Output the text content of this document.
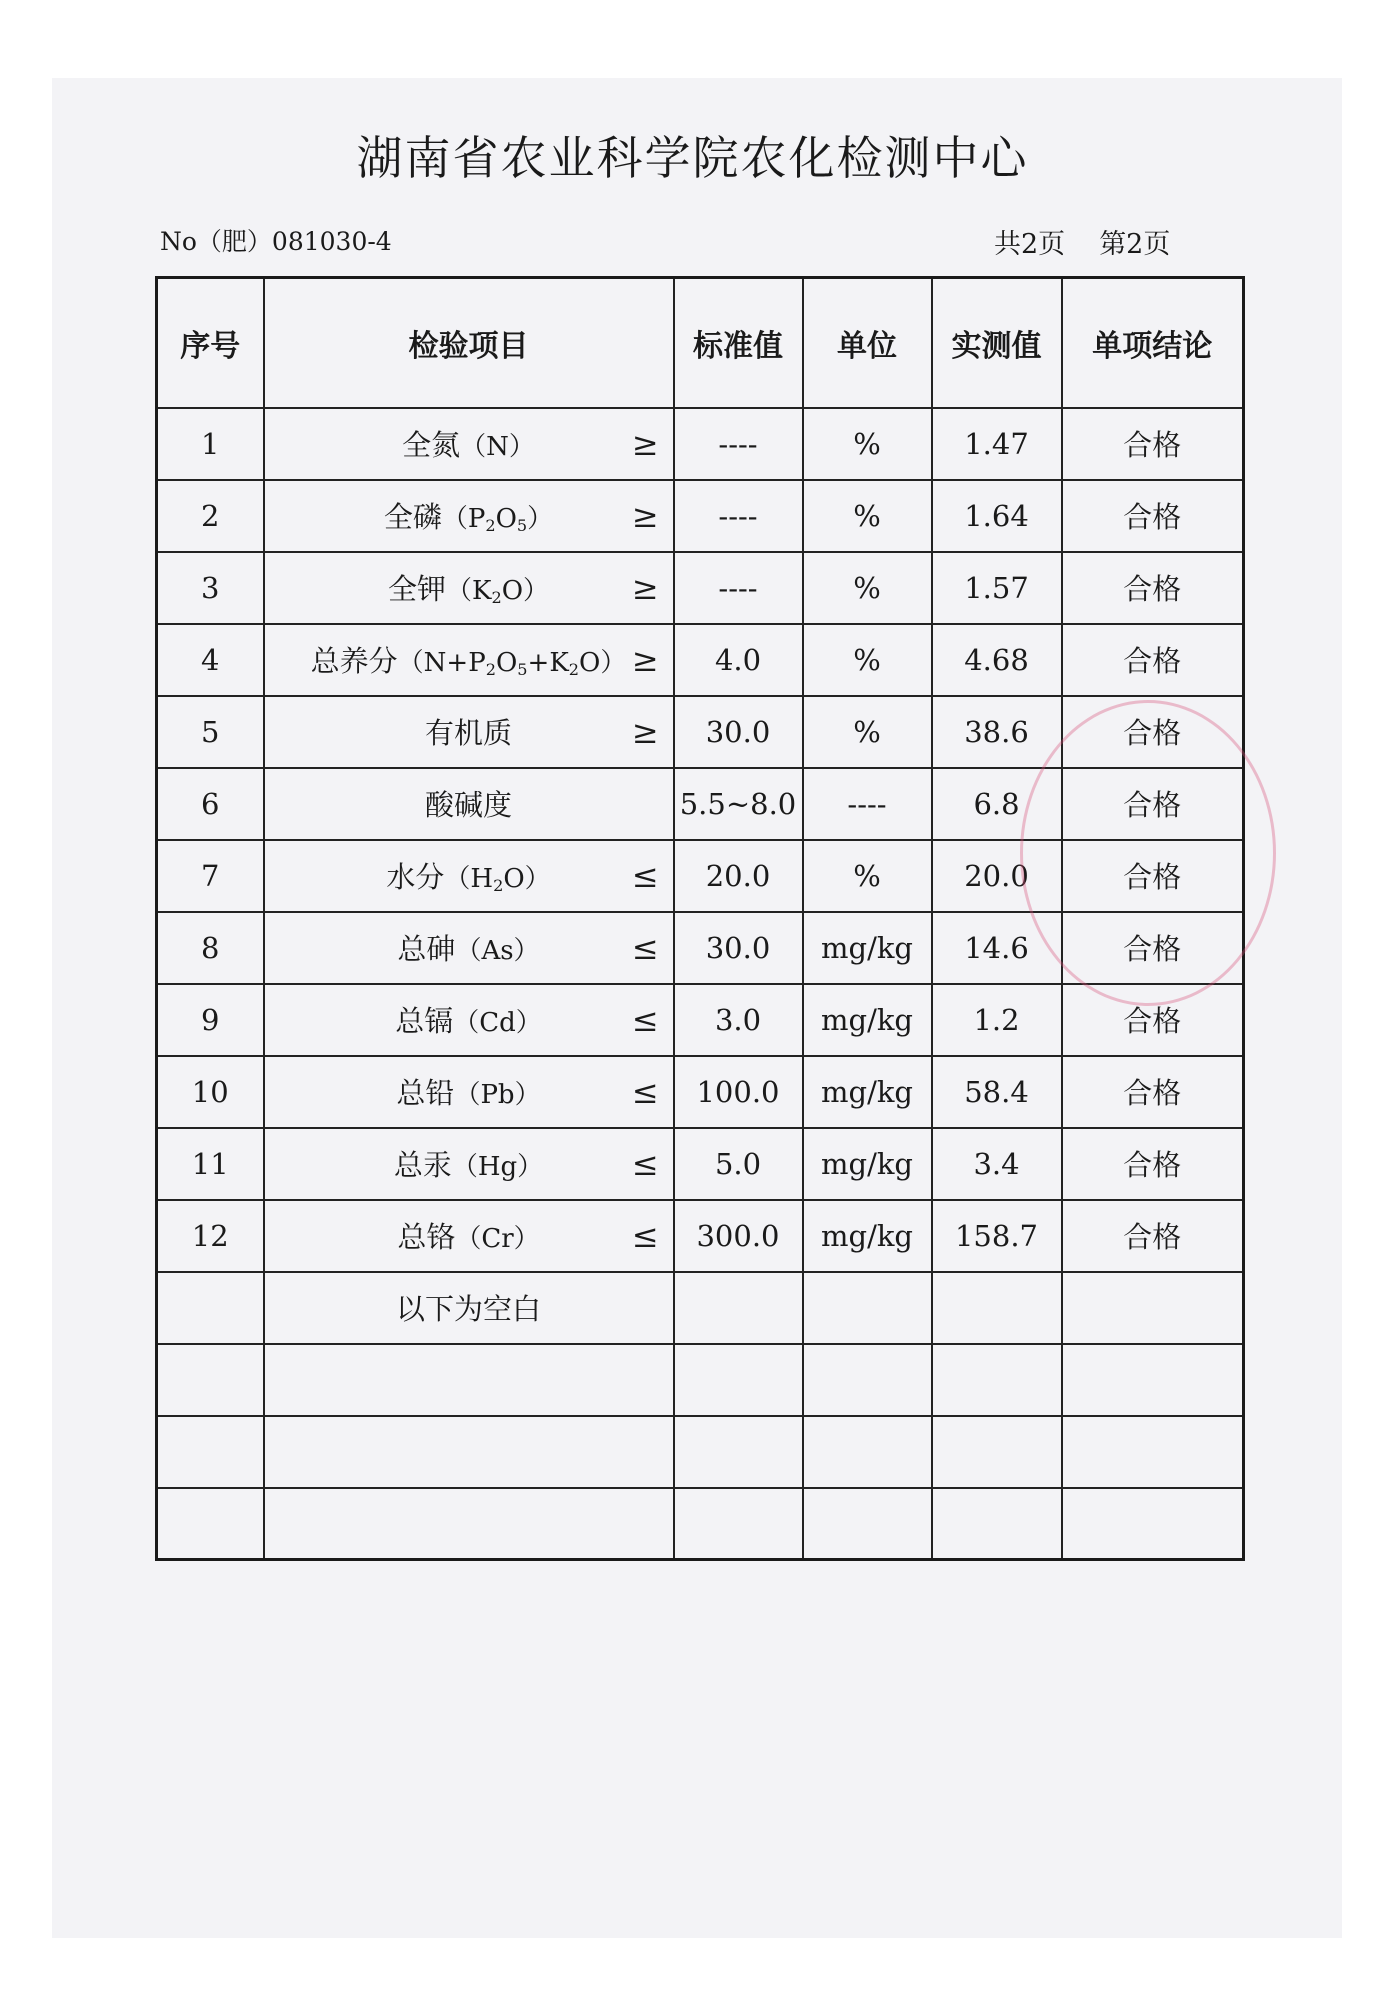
湖南省农业科学院农化检测中心
No（肥）081030-4	共2页 第2页
序号	检验项目	标准值	单位	实测值	单项结论
1	全氮（N） ≥	----	%	1.47	合格
2	全磷$(P_2O_5)$ ≥	----	%	1.64	合格
3	全钾$(K_2O)$ ≥	----	%	1.57	合格
4	总养分$(N+P_2O_5+K_2O)$ ≥	4.0	%	4.68	合格
5	有机质 ≥	30.0	%	38.6	合格
6	酸碱度	5.5~8.0	----	6.8	合格
7	水分$(H_2O)$ ≤	20.0	%	20.0	合格
8	总砷（As） ≤	30.0	mg/kg	14.6	合格
9	总镉（Cd） ≤	3.0	mg/kg	1.2	合格
10	总铅（Pb） ≤	100.0	mg/kg	58.4	合格
11	总汞（Hg） ≤	5.0	mg/kg	3.4	合格
12	总铬（Cr） ≤	300.0	mg/kg	158.7	合格
	以下为空白				
